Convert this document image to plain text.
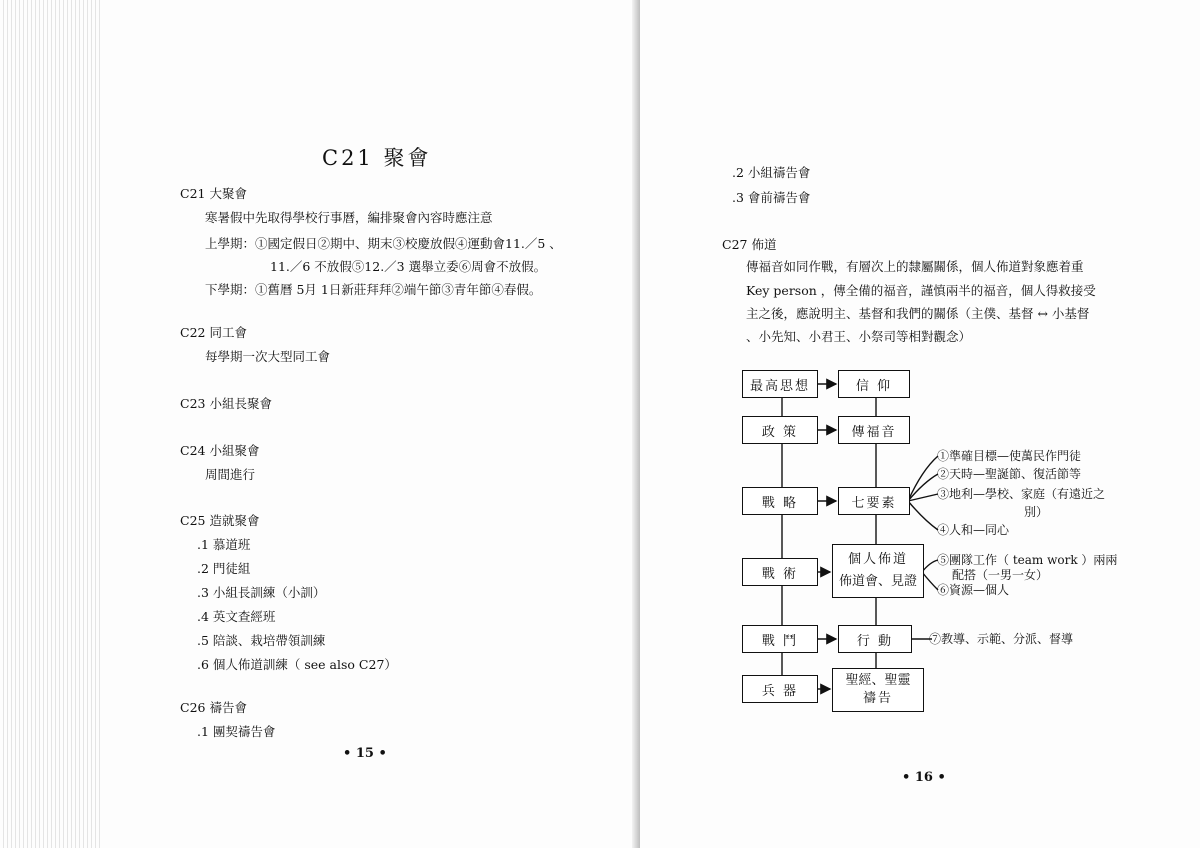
C21 聚會
C21 大聚會
寒暑假中先取得學校行事曆，編排聚會內容時應注意
上學期：①國定假日②期中、期末③校慶放假④運動會11.／5 、
11.／6 不放假⑤12.／3 選舉立委⑥周會不放假。
下學期：①舊曆 5月 1日新莊拜拜②端午節③青年節④春假。
C22 同工會
每學期一次大型同工會
C23 小組長聚會
C24 小組聚會
周間進行
C25 造就聚會
.1 慕道班
.2 門徒組
.3 小組長訓練（小訓）
.4 英文查經班
.5 陪談、栽培帶領訓練
.6 個人佈道訓練（ see also C27）
C26 禱告會
.1 團契禱告會
• 15 •
.2 小組禱告會
.3 會前禱告會
C27 佈道
傳福音如同作戰，有層次上的隸屬關係，個人佈道對象應着重
Key person ，傳全備的福音，謹慎兩半的福音，個人得救接受
主之後，應說明主、基督和我們的關係（主僕、基督 ↔ 小基督
、小先知、小君王、小祭司等相對觀念）
最高思想
政 策
戰 略
戰 術
戰 鬥
兵 器
信 仰
傳福音
七要素
個人佈道
佈道會、見證
行 動
聖經、聖靈
禱告
①準確目標—使萬民作門徒
②天時—聖誕節、復活節等
③地利—學校、家庭（有遠近之
別）
④人和—同心
⑤團隊工作（ team work ）兩兩
配搭（一男一女）
⑥資源—個人
⑦教導、示範、分派、督導
• 16 •
